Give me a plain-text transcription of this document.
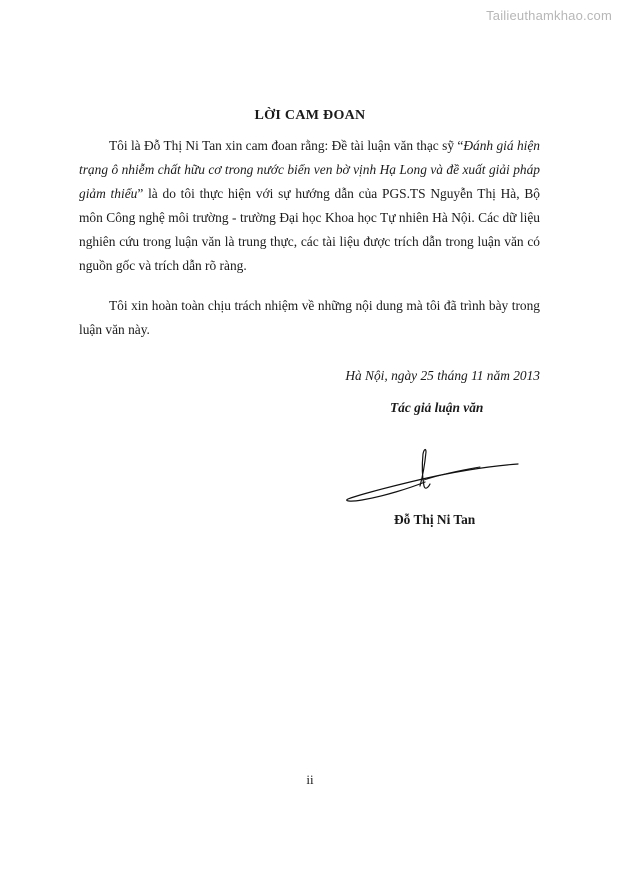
Tailieuthamkhao.com
LỜI CAM ĐOAN

Tôi là Đỗ Thị Ni Tan xin cam đoan rằng: Đề tài luận văn thạc sỹ “Đánh giá hiện trạng ô nhiễm chất hữu cơ trong nước biển ven bờ vịnh Hạ Long và đề xuất giải pháp giảm thiểu” là do tôi thực hiện với sự hướng dẫn của PGS.TS Nguyễn Thị Hà, Bộ môn Công nghệ môi trường - trường Đại học Khoa học Tự nhiên Hà Nội. Các dữ liệu nghiên cứu trong luận văn là trung thực, các tài liệu được trích dẫn trong luận văn có nguồn gốc và trích dẫn rõ ràng.

Tôi xin hoàn toàn chịu trách nhiệm về những nội dung mà tôi đã trình bày trong luận văn này.

Hà Nội, ngày 25 tháng 11 năm 2013
Tác giả luận văn
Đỗ Thị Ni Tan
ii
